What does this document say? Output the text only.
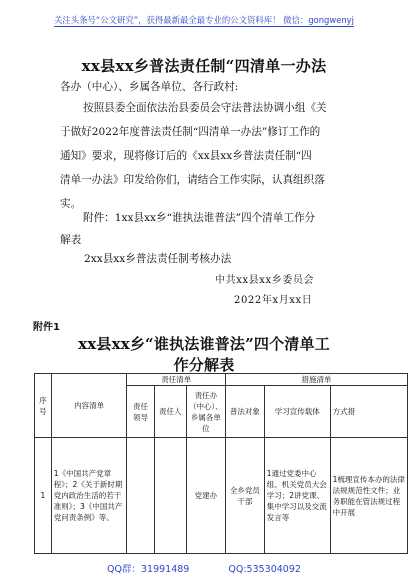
关注头条号“公文研究”，获得最新最全最专业的公文资料库！ 微信：gongwenyj
xx县xx乡普法责任制“四清单一办法
各办（中心）、乡属各单位、各行政村:
按照县委全面依法治县委员会守法普法协调小组《关
于做好2022年度普法责任制“四清单一办法”修订工作的
通知》要求，现将修订后的《xx县xx乡普法责任制“四
清单一办法》印发给你们，请结合工作实际，认真组织落
实。
附件：1xx县xx乡“谁执法谁普法”四个清单工作分
解表
2xx县xx乡普法责任制考核办法
中共xx县xx乡委员会
2022年x月xx日
附件1
xx县xx乡“谁执法谁普法”四个清单工
作分解表
序号	内容清单	责任清单			措施清单		
		责任领导	责任人	责任办（中心）、乡属各单位	普法对象	学习宣传载体	方式措
1	1《中国共产党章程》；2《关于新时期党内政治生活的若干准则》；3《中国共产党问责条例》等。			党建办	全乡党员干部	1通过党委中心组、机关党员大会学习；2讲党课、集中学习以及交流发言等	1梳理宣传本办的法律法规规范性文件；业务职能在管法规过程中开展
QQ群：31991489	QQ:535304092
